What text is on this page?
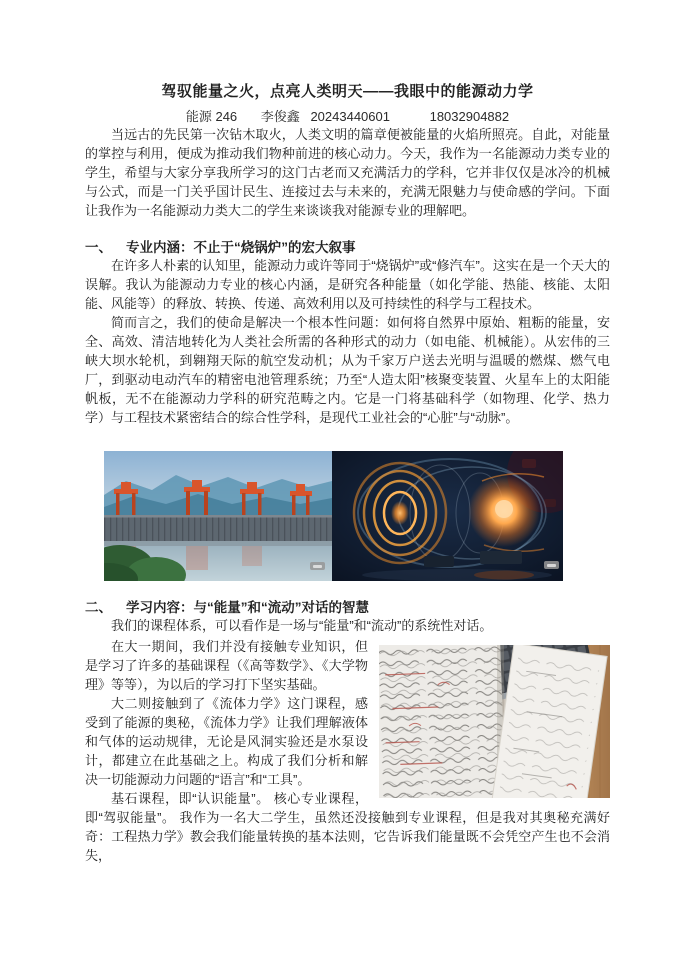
驾驭能量之火，点亮人类明天——我眼中的能源动力学
能源 246 李俊鑫 20243440601	18032904882

当远古的先民第一次钻木取火，人类文明的篇章便被能量的火焰所照亮。自此，对能量的掌控与利用，便成为推动我们物种前进的核心动力。今天，我作为一名能源动力类专业的学生，希望与大家分享我所学习的这门古老而又充满活力的学科，它并非仅仅是冰冷的机械与公式，而是一门关乎国计民生、连接过去与未来的，充满无限魅力与使命感的学问。下面让我作为一名能源动力类大二的学生来谈谈我对能源专业的理解吧。

一、 专业内涵：不止于“烧锅炉”的宏大叙事

在许多人朴素的认知里，能源动力或许等同于“烧锅炉”或“修汽车”。这实在是一个天大的误解。我认为能源动力专业的核心内涵，是研究各种能量（如化学能、热能、核能、太阳能、风能等）的释放、转换、传递、高效利用以及可持续性的科学与工程技术。

简而言之，我们的使命是解决一个根本性问题：如何将自然界中原始、粗粝的能量，安全、高效、清洁地转化为人类社会所需的各种形式的动力（如电能、机械能）。从宏伟的三峡大坝水轮机，到翱翔天际的航空发动机；从为千家万户送去光明与温暖的燃煤、燃气电厂，到驱动电动汽车的精密电池管理系统；乃至“人造太阳”核聚变装置、火星车上的太阳能帆板，无不在能源动力学科的研究范畴之内。它是一门将基础科学（如物理、化学、热力学）与工程技术紧密结合的综合性学科，是现代工业社会的“心脏”与“动脉”。

二、 学习内容：与“能量”和“流动”对话的智慧

我们的课程体系，可以看作是一场与“能量”和“流动”的系统性对话。

在大一期间，我们并没有接触专业知识，但是学习了许多的基础课程（《高等数学》、《大学物理》等等），为以后的学习打下坚实基础。

大二则接触到了《流体力学》这门课程，感受到了能源的奥秘，《流体力学》让我们理解液体和气体的运动规律，无论是风洞实验还是水泵设计，都建立在此基础之上。构成了我们分析和解决一切能源动力问题的“语言”和“工具”。

基石课程，即“认识能量”。 核心专业课程，即“驾驭能量”。 我作为一名大二学生，虽然还没接触到专业课程，但是我对其奥秘充满好奇：工程热力学》教会我们能量转换的基本法则，它告诉我们能量既不会凭空产生也不会消失，
